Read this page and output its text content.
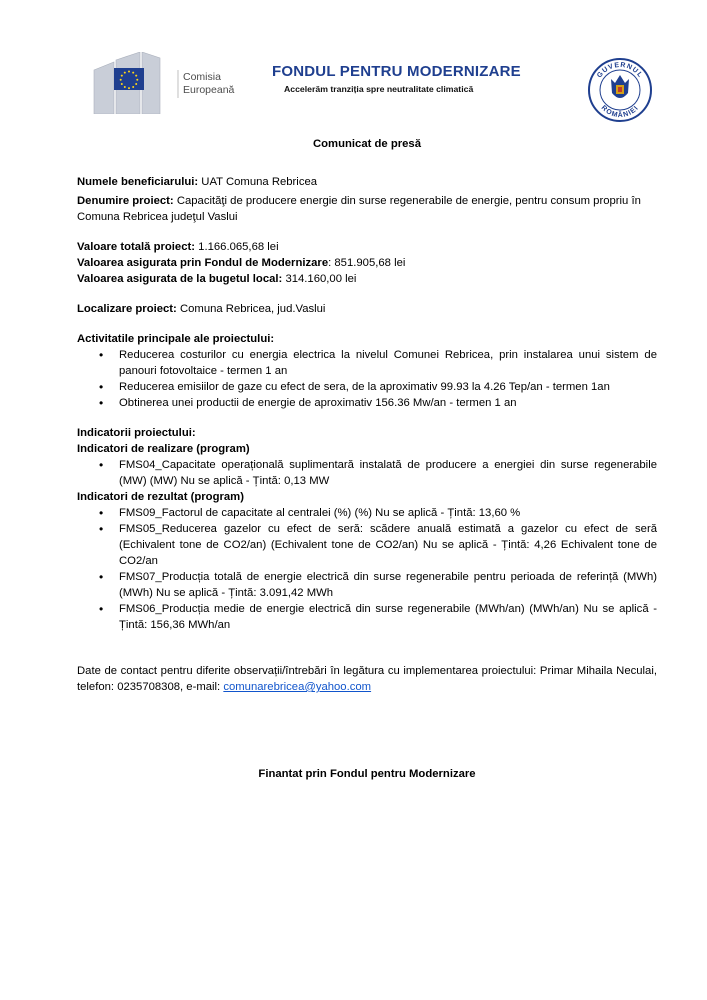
Comisia
Europeană
FONDUL PENTRU MODERNIZARE
Accelerăm tranziția spre neutralitate climatică
GUVERNUL
ROMÂNIEI

Comunicat de presă

Numele beneficiarului: UAT Comuna Rebricea

Denumire proiect: Capacităţi de producere energie din surse regenerabile de energie, pentru consum propriu în Comuna Rebricea judeţul Vaslui

Valoare totală proiect: 1.166.065,68 lei

Valoarea asigurata prin Fondul de Modernizare: 851.905,68 lei

Valoarea asigurata de la bugetul local: 314.160,00 lei

Localizare proiect: Comuna Rebricea, jud.Vaslui

Activitatile principale ale proiectului:

• Reducerea costurilor cu energia electrica la nivelul Comunei Rebricea, prin instalarea unui sistem de panouri fotovoltaice - termen 1 an
• Reducerea emisiilor de gaze cu efect de sera, de la aproximativ 99.93 la 4.26 Tep/an - termen 1an
• Obtinerea unei productii de energie de aproximativ 156.36 Mw/an - termen 1 an

Indicatorii proiectului:

Indicatori de realizare (program)

• FMS04_Capacitate operațională suplimentară instalată de producere a energiei din surse regenerabile (MW) (MW) Nu se aplică - Țintă: 0,13 MW

Indicatori de rezultat (program)

• FMS09_Factorul de capacitate al centralei (%) (%) Nu se aplică - Țintă: 13,60 %
• FMS05_Reducerea gazelor cu efect de seră: scădere anuală estimată a gazelor cu efect de seră (Echivalent tone de CO2/an) (Echivalent tone de CO2/an) Nu se aplică - Țintă: 4,26 Echivalent tone de CO2/an
• FMS07_Producția totală de energie electrică din surse regenerabile pentru perioada de referință (MWh) (MWh) Nu se aplică - Țintă: 3.091,42 MWh
• FMS06_Producția medie de energie electrică din surse regenerabile (MWh/an) (MWh/an) Nu se aplică - Țintă: 156,36 MWh/an

Date de contact pentru diferite observații/întrebări în legătura cu implementarea proiectului: Primar Mihaila Neculai, telefon: 0235708308, e-mail: comunarebricea@yahoo.com

Finantat prin Fondul pentru Modernizare
